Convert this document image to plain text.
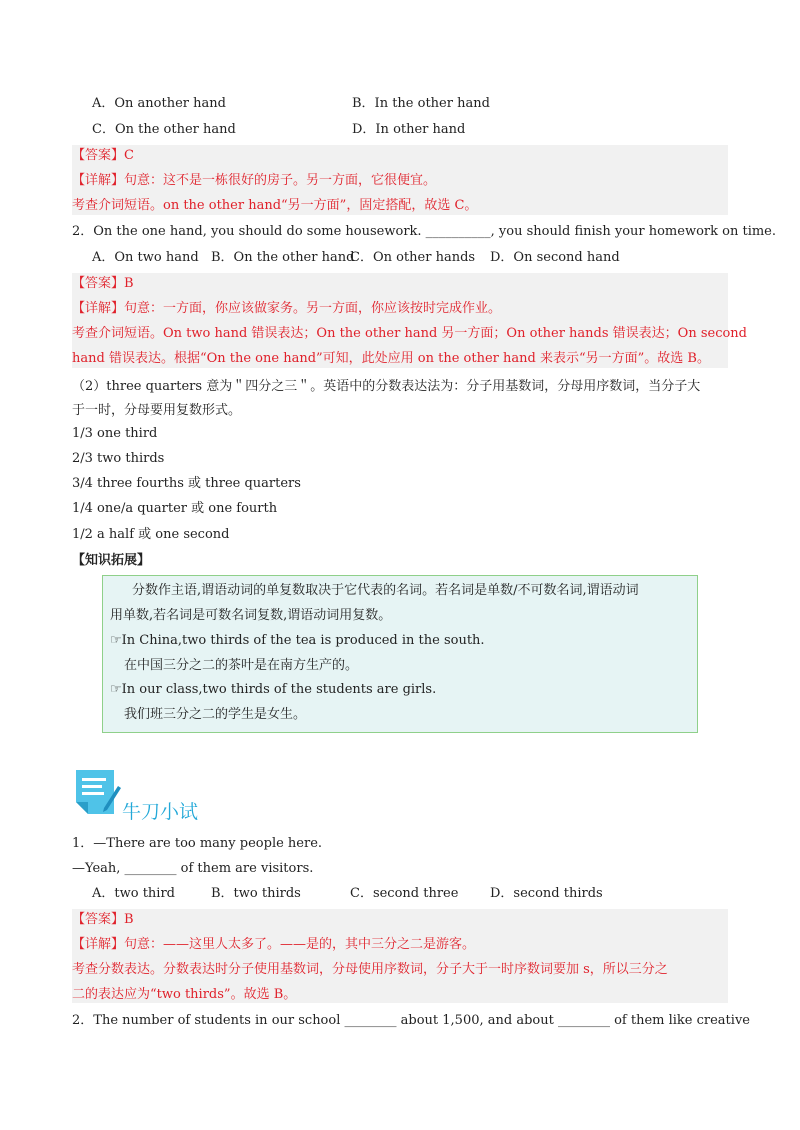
A．On another hand	B．In the other hand
C．On the other hand	D．In other hand
【答案】C
【详解】句意：这不是一栋很好的房子。另一方面，它很便宜。
考查介词短语。on the other hand“另一方面”，固定搭配，故选 C。
2．On the one hand, you should do some housework. __________, you should finish your homework on time.
A．On two hand B．On the other hand
C．On other hands D．On second hand
【答案】B
【详解】句意：一方面，你应该做家务。另一方面，你应该按时完成作业。
考查介词短语。On two hand 错误表达；On the other hand 另一方面；On other hands 错误表达；On second
hand 错误表达。根据“On the one hand”可知，此处应用 on the other hand 来表示“另一方面”。故选 B。
（2）three quarters 意为＂四分之三＂。英语中的分数表达法为：分子用基数词，分母用序数词，当分子大
于一时，分母要用复数形式。
1/3 one third
2/3 two thirds
3/4 three fourths 或 three quarters
1/4 one/a quarter 或 one fourth
1/2 a half 或 one second
【知识拓展】
分数作主语,谓语动词的单复数取决于它代表的名词。若名词是单数/不可数名词,谓语动词
用单数,若名词是可数名词复数,谓语动词用复数。
☞In China,two thirds of the tea is produced in the south.
在中国三分之二的茶叶是在南方生产的。
☞In our class,two thirds of the students are girls.
我们班三分之二的学生是女生。
牛刀小试
1．—There are too many people here.
—Yeah, ________ of them are visitors.
A．two third	B．two thirds	C．second three D．second thirds
【答案】B
【详解】句意：——这里人太多了。——是的，其中三分之二是游客。
考查分数表达。分数表达时分子使用基数词，分母使用序数词，分子大于一时序数词要加 s，所以三分之
二的表达应为“two thirds”。故选 B。
2．The number of students in our school ________ about 1,500, and about ________ of them like creative
